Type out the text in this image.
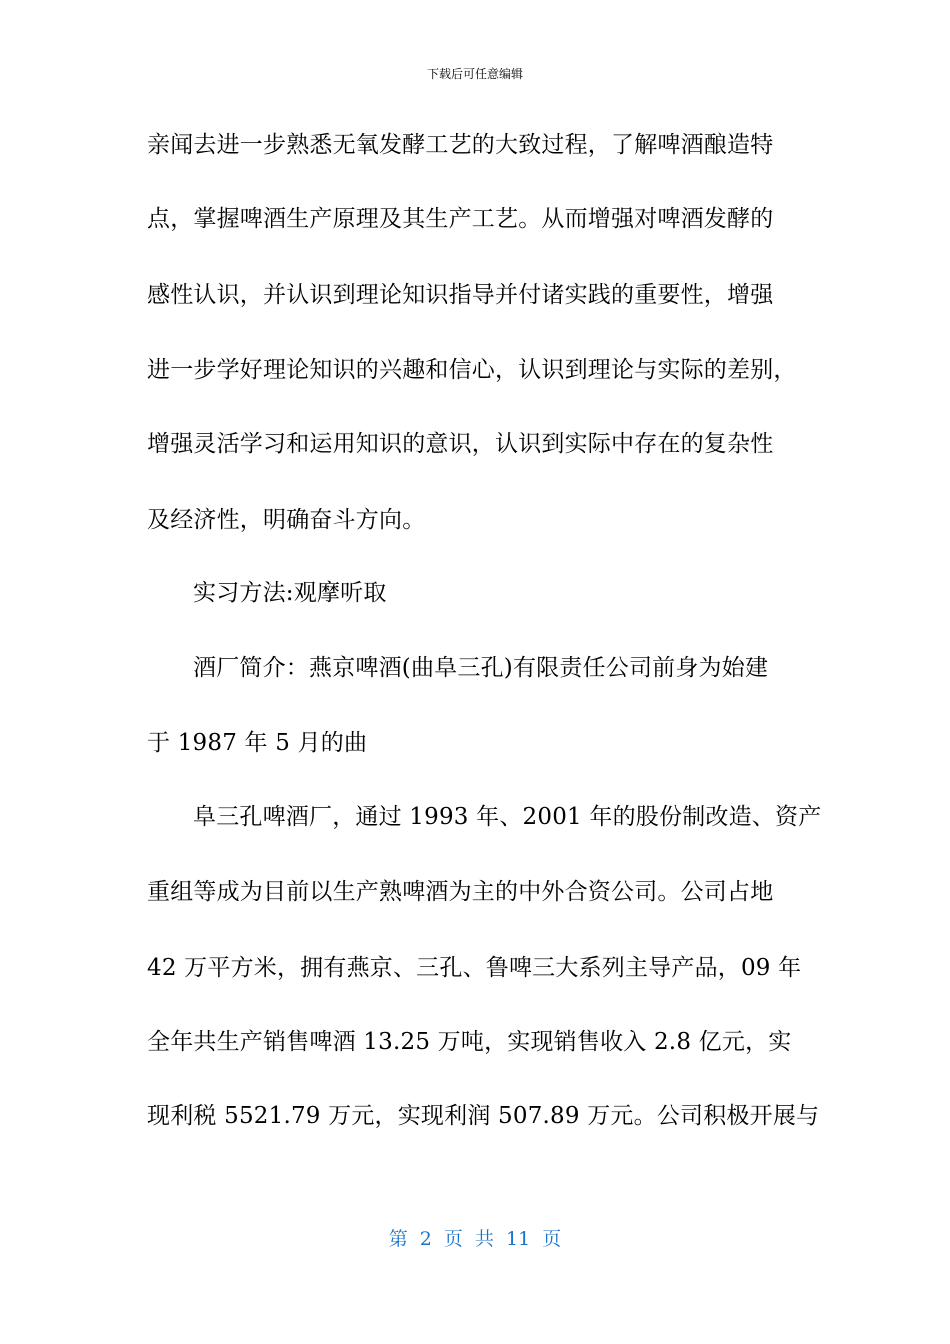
下载后可任意编辑
亲闻去进一步熟悉无氧发酵工艺的大致过程，了解啤酒酿造特
点，掌握啤酒生产原理及其生产工艺。从而增强对啤酒发酵的
感性认识，并认识到理论知识指导并付诸实践的重要性，增强
进一步学好理论知识的兴趣和信心，认识到理论与实际的差别，
增强灵活学习和运用知识的意识，认识到实际中存在的复杂性
及经济性，明确奋斗方向。
实习方法:观摩听取
酒厂简介：燕京啤酒(曲阜三孔)有限责任公司前身为始建
于 1987 年 5 月的曲
阜三孔啤酒厂，通过 1993 年、2001 年的股份制改造、资产
重组等成为目前以生产熟啤酒为主的中外合资公司。公司占地
42 万平方米，拥有燕京、三孔、鲁啤三大系列主导产品，09 年
全年共生产销售啤酒 13.25 万吨，实现销售收入 2.8 亿元，实
现利税 5521.79 万元，实现利润 507.89 万元。公司积极开展与
第 2 页 共 11 页
